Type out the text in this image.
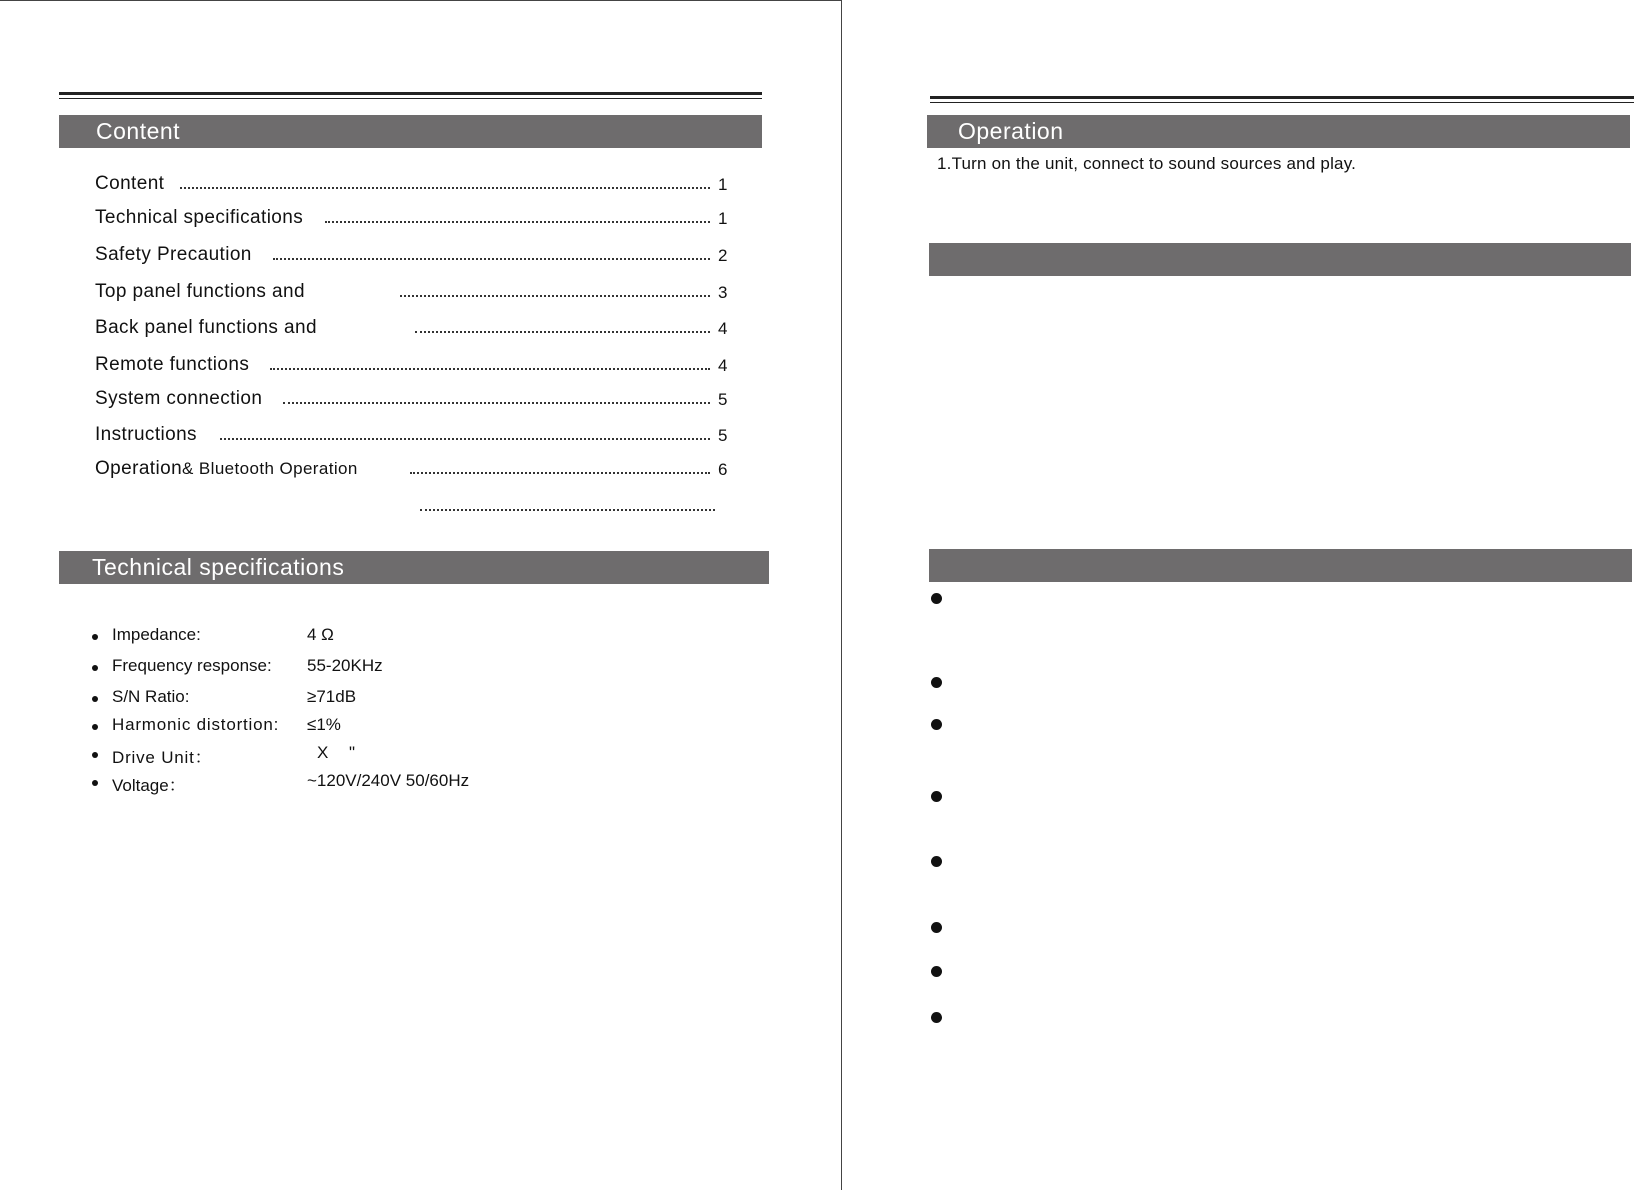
Content
Content	1
Technical specifications	1
Safety Precaution	2
Top panel functions and	3
Back panel functions and	4
Remote functions	4
System connection	5
Instructions	5
Operation& Bluetooth Operation	6
Technical specifications
Impedance:	4 Ω
Frequency response: 55-20KHz
S/N Ratio:	≥71dB
Harmonic distortion: ≤1%
Drive Unit：	X "
Voltage：	~120V/240V 50/60Hz
Operation
1.Turn on the unit, connect to sound sources and play.
